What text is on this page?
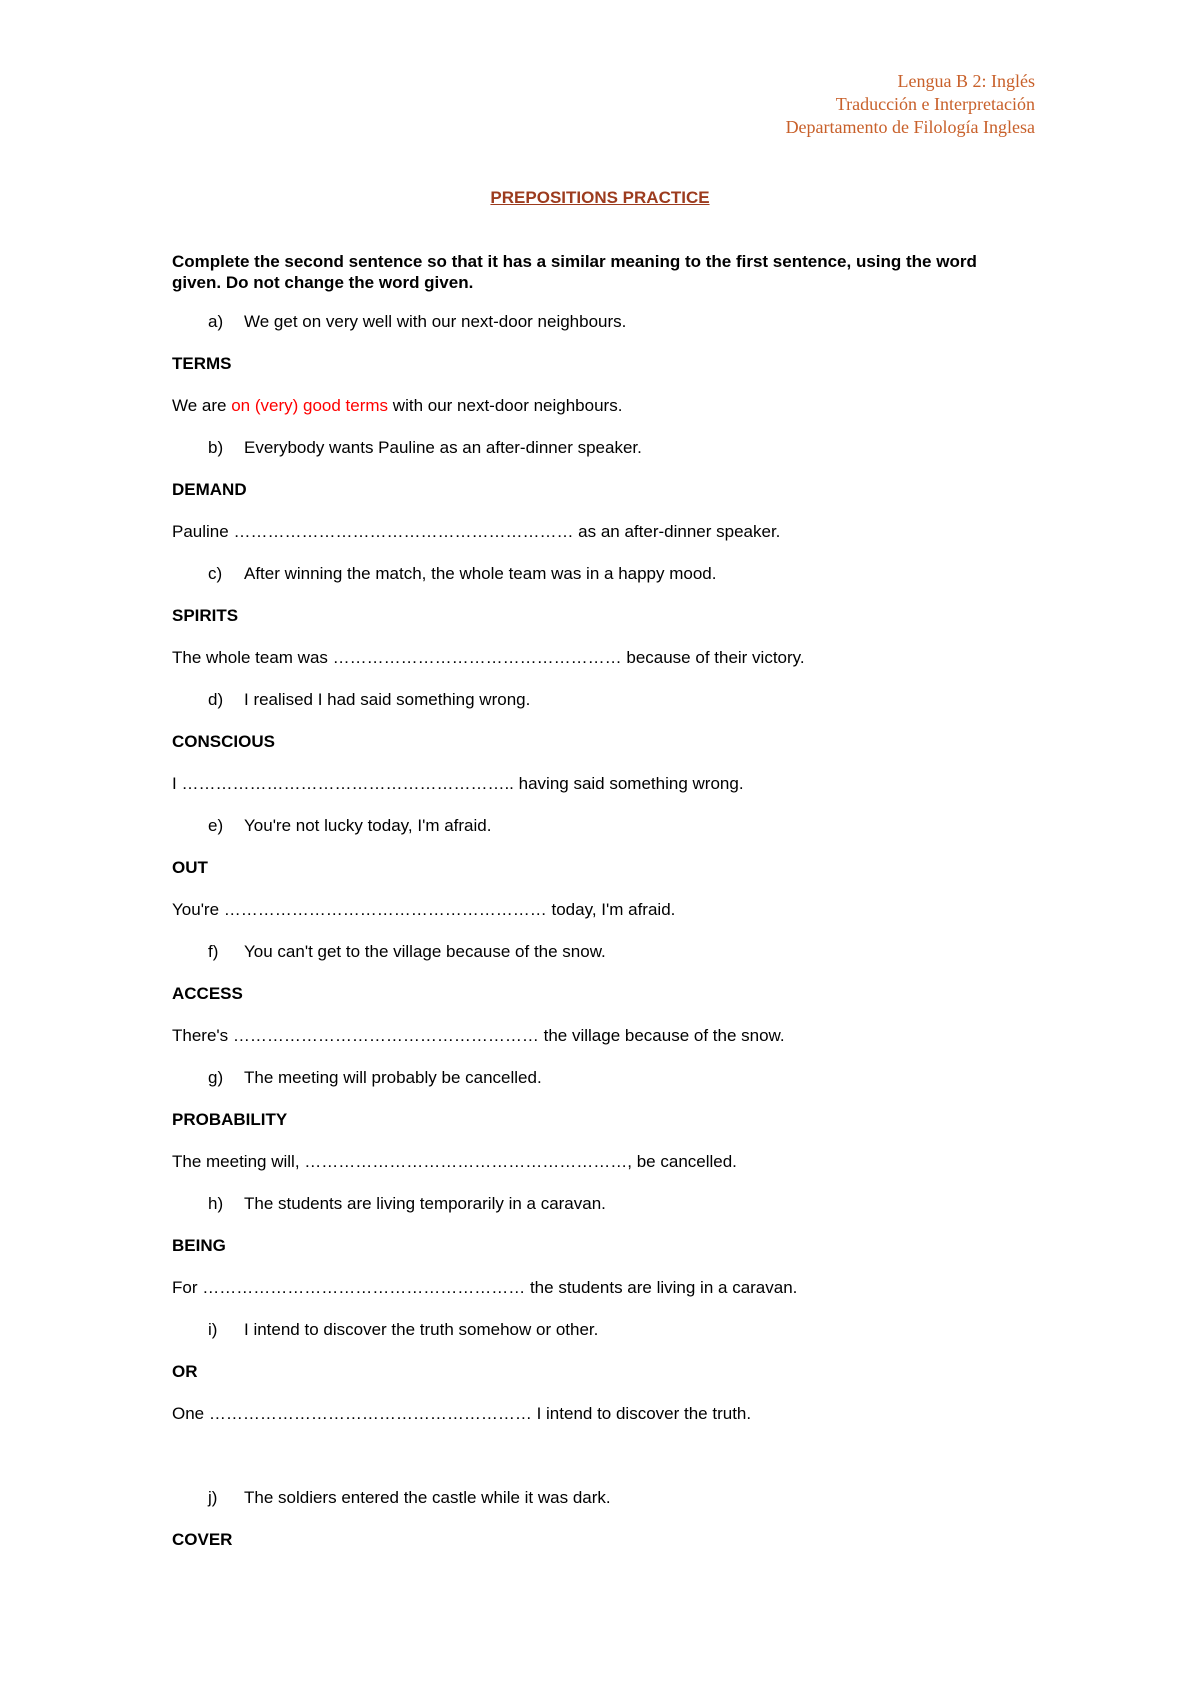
Lengua B 2: Inglés
Traducción e Interpretación
Departamento de Filología Inglesa
PREPOSITIONS PRACTICE
Complete the second sentence so that it has a similar meaning to the first sentence, using the word given. Do not change the word given.
a) We get on very well with our next-door neighbours.
TERMS
We are on (very) good terms with our next-door neighbours.
b) Everybody wants Pauline as an after-dinner speaker.
DEMAND
Pauline …………………………………………………… as an after-dinner speaker.
c) After winning the match, the whole team was in a happy mood.
SPIRITS
The whole team was …………………………………………… because of their victory.
d) I realised I had said something wrong.
CONSCIOUS
I ………………………………………………….. having said something wrong.
e) You're not lucky today, I'm afraid.
OUT
You're ………………………………………………… today, I'm afraid.
f) You can't get to the village because of the snow.
ACCESS
There's ……………………………………………… the village because of the snow.
g) The meeting will probably be cancelled.
PROBABILITY
The meeting will, …………………………………………………, be cancelled.
h) The students are living temporarily in a caravan.
BEING
For ………………………………………………… the students are living in a caravan.
i) I intend to discover the truth somehow or other.
OR
One ………………………………………………… I intend to discover the truth.
j) The soldiers entered the castle while it was dark.
COVER
